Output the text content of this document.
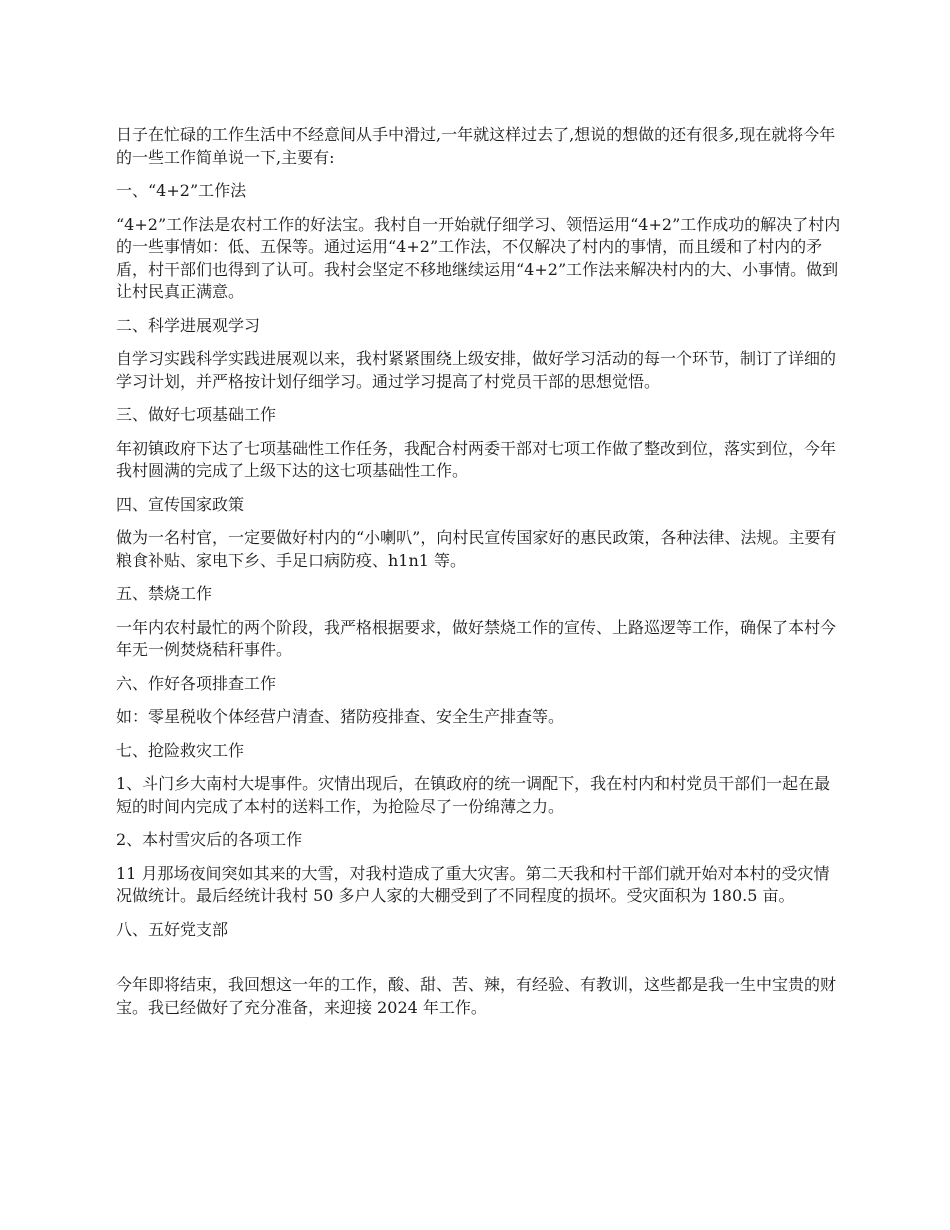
日子在忙碌的工作生活中不经意间从手中滑过,一年就这样过去了,想说的想做的还有很多,现在就将今年的一些工作简单说一下,主要有:

一、“4+2”工作法

“4+2”工作法是农村工作的好法宝。我村自一开始就仔细学习、领悟运用“4+2”工作成功的解决了村内的一些事情如：低、五保等。通过运用“4+2”工作法，不仅解决了村内的事情，而且缓和了村内的矛盾，村干部们也得到了认可。我村会坚定不移地继续运用“4+2”工作法来解决村内的大、小事情。做到让村民真正满意。

二、科学进展观学习

自学习实践科学实践进展观以来，我村紧紧围绕上级安排，做好学习活动的每一个环节，制订了详细的学习计划，并严格按计划仔细学习。通过学习提高了村党员干部的思想觉悟。

三、做好七项基础工作

年初镇政府下达了七项基础性工作任务，我配合村两委干部对七项工作做了整改到位，落实到位，今年我村圆满的完成了上级下达的这七项基础性工作。

四、宣传国家政策

做为一名村官，一定要做好村内的“小喇叭”，向村民宣传国家好的惠民政策，各种法律、法规。主要有粮食补贴、家电下乡、手足口病防疫、h1n1 等。

五、禁烧工作

一年内农村最忙的两个阶段，我严格根据要求，做好禁烧工作的宣传、上路巡逻等工作，确保了本村今年无一例焚烧秸秆事件。

六、作好各项排查工作

如：零星税收个体经营户清查、猪防疫排查、安全生产排查等。

七、抢险救灾工作

1、斗门乡大南村大堤事件。灾情出现后，在镇政府的统一调配下，我在村内和村党员干部们一起在最短的时间内完成了本村的送料工作，为抢险尽了一份绵薄之力。

2、本村雪灾后的各项工作

11 月那场夜间突如其来的大雪，对我村造成了重大灾害。第二天我和村干部们就开始对本村的受灾情况做统计。最后经统计我村 50 多户人家的大棚受到了不同程度的损坏。受灾面积为 180.5 亩。

八、五好党支部

今年即将结束，我回想这一年的工作，酸、甜、苦、辣，有经验、有教训，这些都是我一生中宝贵的财宝。我已经做好了充分准备，来迎接 2024 年工作。
